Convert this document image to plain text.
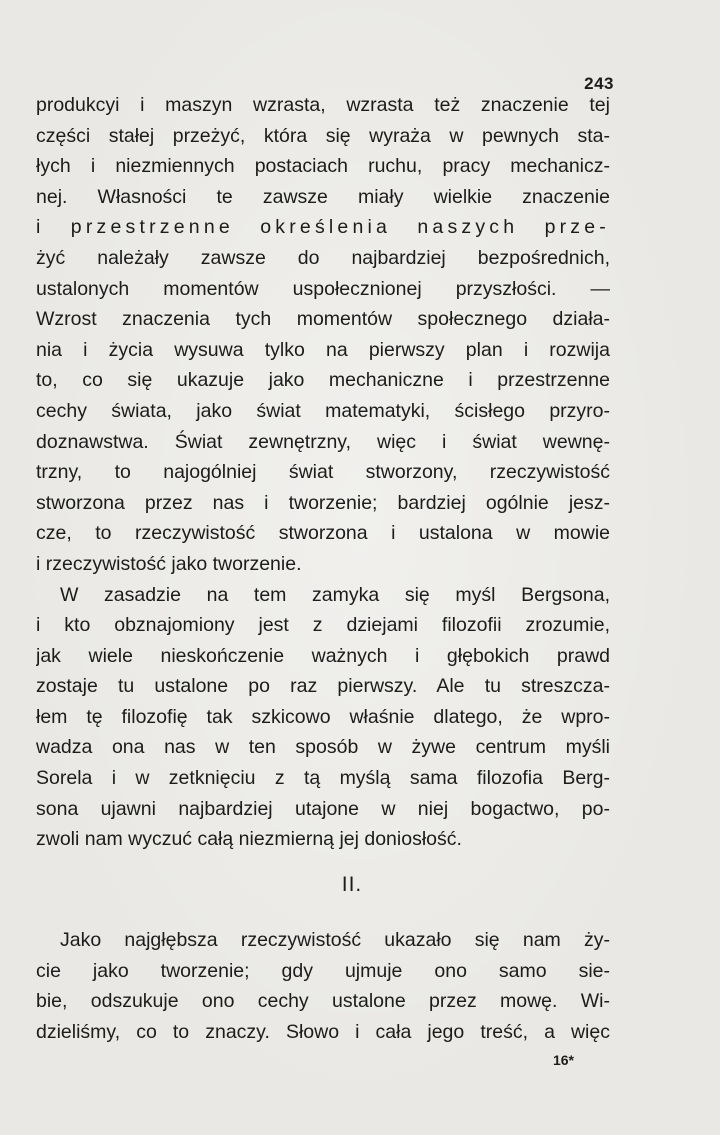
243
produkcyi i maszyn wzrasta, wzrasta też znaczenie tej
części stałej przeżyć, która się wyraża w pewnych sta-
łych i niezmiennych postaciach ruchu, pracy mechanicz-
nej. Własności te zawsze miały wielkie znaczenie
i przestrzenne określenia naszych prze-
żyć należały zawsze do najbardziej bezpośrednich,
ustalonych momentów uspołecznionej przyszłości. —
Wzrost znaczenia tych momentów społecznego działa-
nia i życia wysuwa tylko na pierwszy plan i rozwija
to, co się ukazuje jako mechaniczne i przestrzenne
cechy świata, jako świat matematyki, ścisłego przyro-
doznawstwa. Świat zewnętrzny, więc i świat wewnę-
trzny, to najogólniej świat stworzony, rzeczywistość
stworzona przez nas i tworzenie; bardziej ogólnie jesz-
cze, to rzeczywistość stworzona i ustalona w mowie
i rzeczywistość jako tworzenie.
W zasadzie na tem zamyka się myśl Bergsona,
i kto obznajomiony jest z dziejami filozofii zrozumie,
jak wiele nieskończenie ważnych i głębokich prawd
zostaje tu ustalone po raz pierwszy. Ale tu streszcza-
łem tę filozofię tak szkicowo właśnie dlatego, że wpro-
wadza ona nas w ten sposób w żywe centrum myśli
Sorela i w zetknięciu z tą myślą sama filozofia Berg-
sona ujawni najbardziej utajone w niej bogactwo, po-
zwoli nam wyczuć całą niezmierną jej doniosłość.
II.
Jako najgłębsza rzeczywistość ukazało się nam ży-
cie jako tworzenie; gdy ujmuje ono samo sie-
bie, odszukuje ono cechy ustalone przez mowę. Wi-
dzieliśmy, co to znaczy. Słowo i cała jego treść, a więc
16*
